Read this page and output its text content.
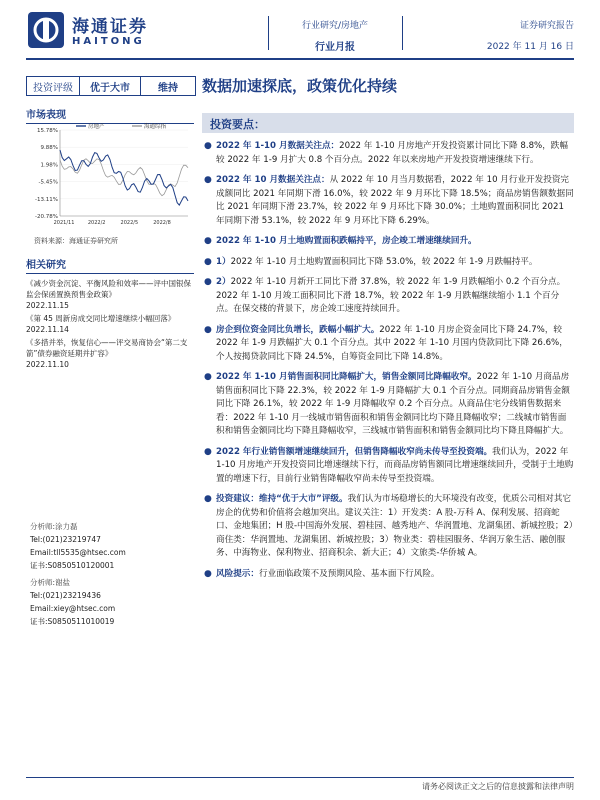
海通证券
HAITONG
行业研究/房地产
行业月报
证券研究报告
2022 年 11 月 16 日
投资评级	优于大市	维持	数据加速探底，政策优化持续
市场表现
15.78%
9.88%
1.98%
-5.45%
-13.11%
-20.78%
2021/11	2022/2	2022/5	2022/8
房地产	海通综指
资料来源：海通证券研究所
相关研究
《减少资金沉淀、平衡风险和效率——评中国银保监会保函置换预售金政策》
2022.11.15
《第 45 周新房成交同比增速继续小幅回落》
2022.11.14
《多措并举，恢复信心——评交易商协会“第二支箭”债券融资延期并扩容》
2022.11.10
分析师:涂力磊
Tel:(021)23219747
Email:tll5535@htsec.com
证书:S0850510120001
分析师:谢盐
Tel:(021)23219436
Email:xiey@htsec.com
证书:S0850511010019
投资要点：
● 2022 年 1-10 月数据关注点：2022 年 1-10 月房地产开发投资累计同比下降 8.8%，跌幅较 2022 年 1-9 月扩大 0.8 个百分点。2022 年以来房地产开发投资增速继续下行。
● 2022 年 10 月数据关注点：从 2022 年 10 月当月数据看，2022 年 10 月行业开发投资完成额同比 2021 年同期下滑 16.0%，较 2022 年 9 月环比下降 18.5%；商品房销售额数据同比 2021 年同期下滑 23.7%，较 2022 年 9 月环比下降 30.0%；土地购置面积同比 2021 年同期下滑 53.1%，较 2022 年 9 月环比下降 6.29%。
● 2022 年 1-10 月土地购置面积跌幅持平，房企竣工增速继续回升。
● 1）2022 年 1-10 月土地购置面积同比下降 53.0%，较 2022 年 1-9 月跌幅持平。
● 2）2022 年 1-10 月新开工同比下滑 37.8%，较 2022 年 1-9 月跌幅缩小 0.2 个百分点。2022 年 1-10 月竣工面积同比下滑 18.7%，较 2022 年 1-9 月跌幅继续缩小 1.1 个百分点。在保交楼的背景下，房企竣工速度持续回升。
● 房企到位资金同比负增长，跌幅小幅扩大。2022 年 1-10 月房企资金同比下降 24.7%，较 2022 年 1-9 月跌幅扩大 0.1 个百分点。其中 2022 年 1-10 月国内贷款同比下降 26.6%，个人按揭贷款同比下降 24.5%，自筹资金同比下降 14.8%。
● 2022 年 1-10 月销售面积同比降幅扩大，销售金额同比降幅收窄。2022 年 1-10 月商品房销售面积同比下降 22.3%，较 2022 年 1-9 月降幅扩大 0.1 个百分点。同期商品房销售金额同比下降 26.1%，较 2022 年 1-9 月降幅收窄 0.2 个百分点。从商品住宅分线销售数据来看：2022 年 1-10 月一线城市销售面积和销售金额同比均下降且降幅收窄；二线城市销售面积和销售金额同比均下降且降幅收窄，三线城市销售面积和销售金额同比均下降且降幅扩大。
● 2022 年行业销售额增速继续回升，但销售降幅收窄尚未传导至投资端。我们认为，2022 年 1-10 月房地产开发投资同比增速继续下行，而商品房销售额同比增速继续回升，受制于土地购置的增速下行，目前行业销售降幅收窄尚未传导至投资端。
● 投资建议：维持“优于大市”评级。我们认为市场稳增长的大环境没有改变，优质公司相对其它房企的优势和价值将会越加突出。建议关注：1）开发类：A 股-万科 A、保利发展、招商蛇口、金地集团；H 股-中国海外发展、碧桂园、越秀地产、华润置地、龙湖集团、新城控股；2）商住类：华润置地、龙湖集团、新城控股；3）物业类：碧桂园服务、华润万象生活、融创服务、中海物业、保利物业、招商积余、新大正；4）文旅类-华侨城 A。
● 风险提示：行业面临政策不及预期风险、基本面下行风险。
请务必阅读正文之后的信息披露和法律声明
